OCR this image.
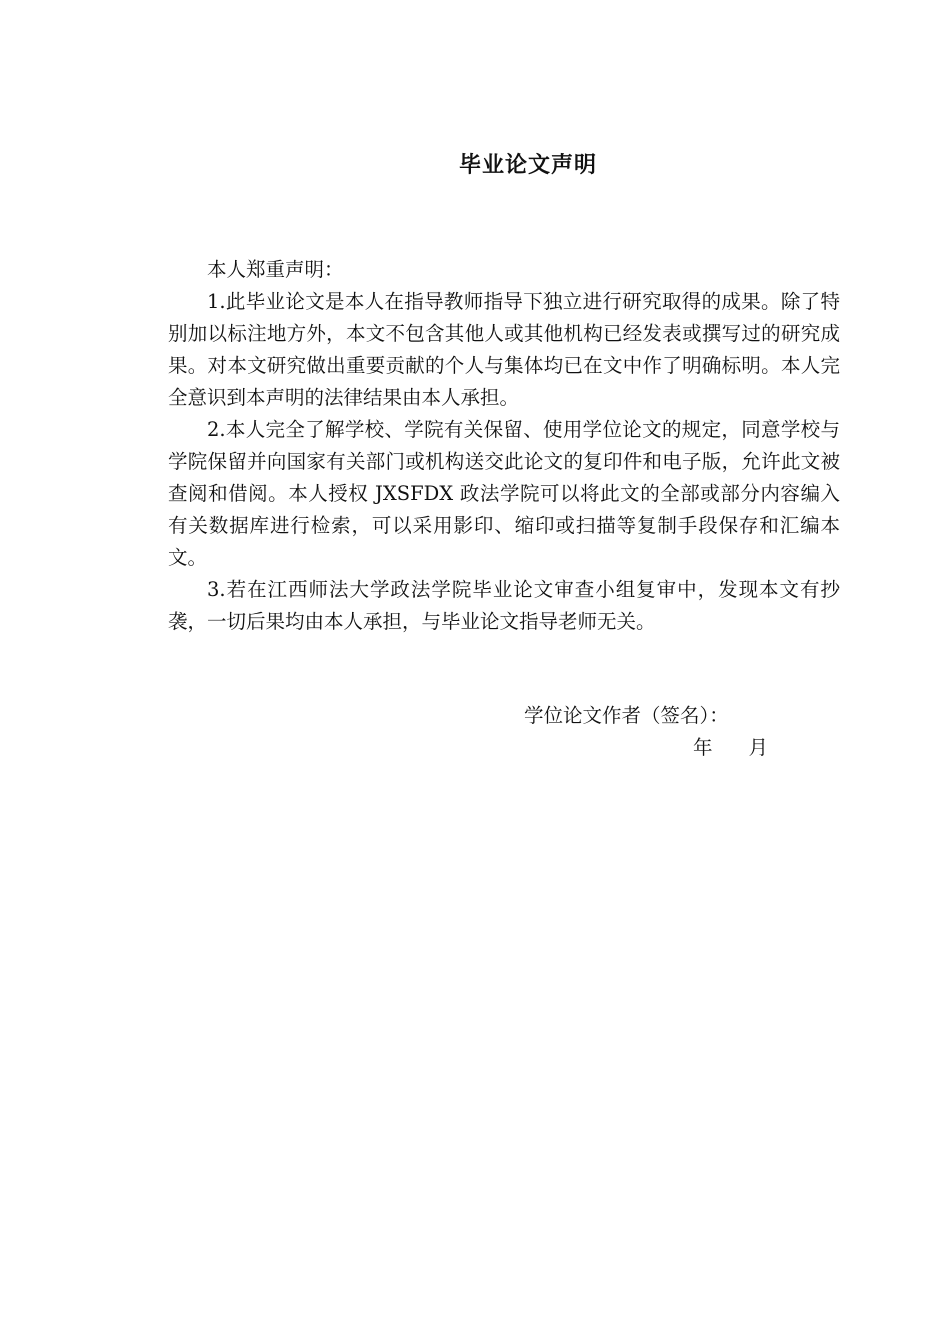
毕业论文声明

本人郑重声明：

1.此毕业论文是本人在指导教师指导下独立进行研究取得的成果。除了特别加以标注地方外，本文不包含其他人或其他机构已经发表或撰写过的研究成果。对本文研究做出重要贡献的个人与集体均已在文中作了明确标明。本人完全意识到本声明的法律结果由本人承担。

2.本人完全了解学校、学院有关保留、使用学位论文的规定，同意学校与学院保留并向国家有关部门或机构送交此论文的复印件和电子版，允许此文被查阅和借阅。本人授权 JXSFDX 政法学院可以将此文的全部或部分内容编入有关数据库进行检索，可以采用影印、缩印或扫描等复制手段保存和汇编本文。

3.若在江西师法大学政法学院毕业论文审查小组复审中，发现本文有抄袭，一切后果均由本人承担，与毕业论文指导老师无关。

学位论文作者（签名）：
年 月
